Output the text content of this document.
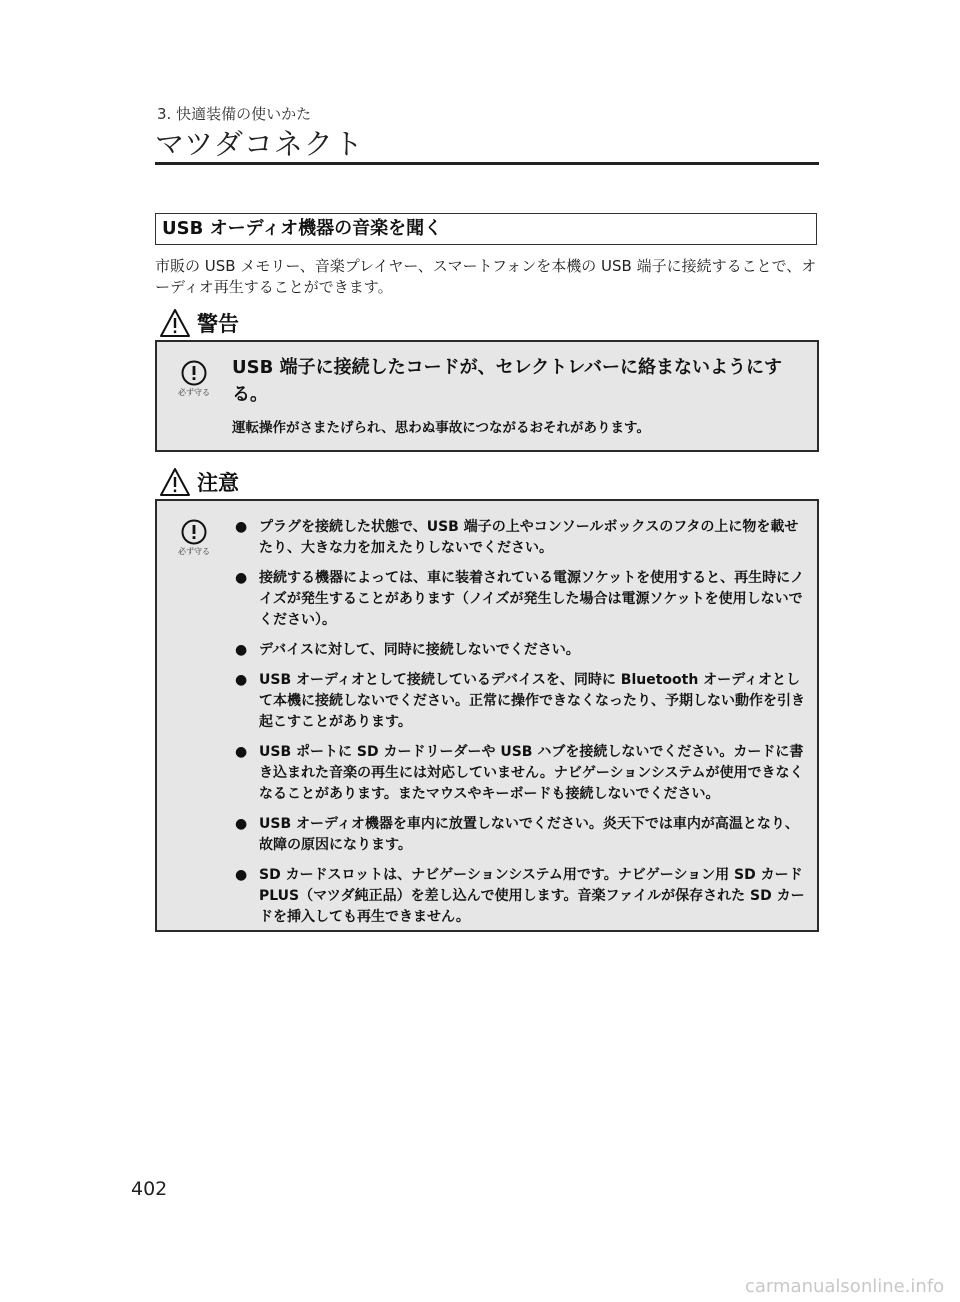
3. 快適装備の使いかた
マツダコネクト
USB オーディオ機器の音楽を聞く
市販の USB メモリー、音楽プレイヤー、スマートフォンを本機の USB 端子に接続することで、オーディオ再生することができます。
警告
必ず守る
USB 端子に接続したコードが、セレクトレバーに絡まないようにする。
運転操作がさまたげられ、思わぬ事故につながるおそれがあります。
注意
必ず守る
● プラグを接続した状態で、USB 端子の上やコンソールボックスのフタの上に物を載せたり、大きな力を加えたりしないでください。
● 接続する機器によっては、車に装着されている電源ソケットを使用すると、再生時にノイズが発生することがあります（ノイズが発生した場合は電源ソケットを使用しないでください）。
● デバイスに対して、同時に接続しないでください。
● USB オーディオとして接続しているデバイスを、同時に Bluetooth オーディオとして本機に接続しないでください。正常に操作できなくなったり、予期しない動作を引き起こすことがあります。
● USB ポートに SD カードリーダーや USB ハブを接続しないでください。カードに書き込まれた音楽の再生には対応していません。ナビゲーションシステムが使用できなくなることがあります。またマウスやキーボードも接続しないでください。
● USB オーディオ機器を車内に放置しないでください。炎天下では車内が高温となり、故障の原因になります。
● SD カードスロットは、ナビゲーションシステム用です。ナビゲーション用 SD カード PLUS（マツダ純正品）を差し込んで使用します。音楽ファイルが保存された SD カードを挿入しても再生できません。
402
carmanualsonline.info
